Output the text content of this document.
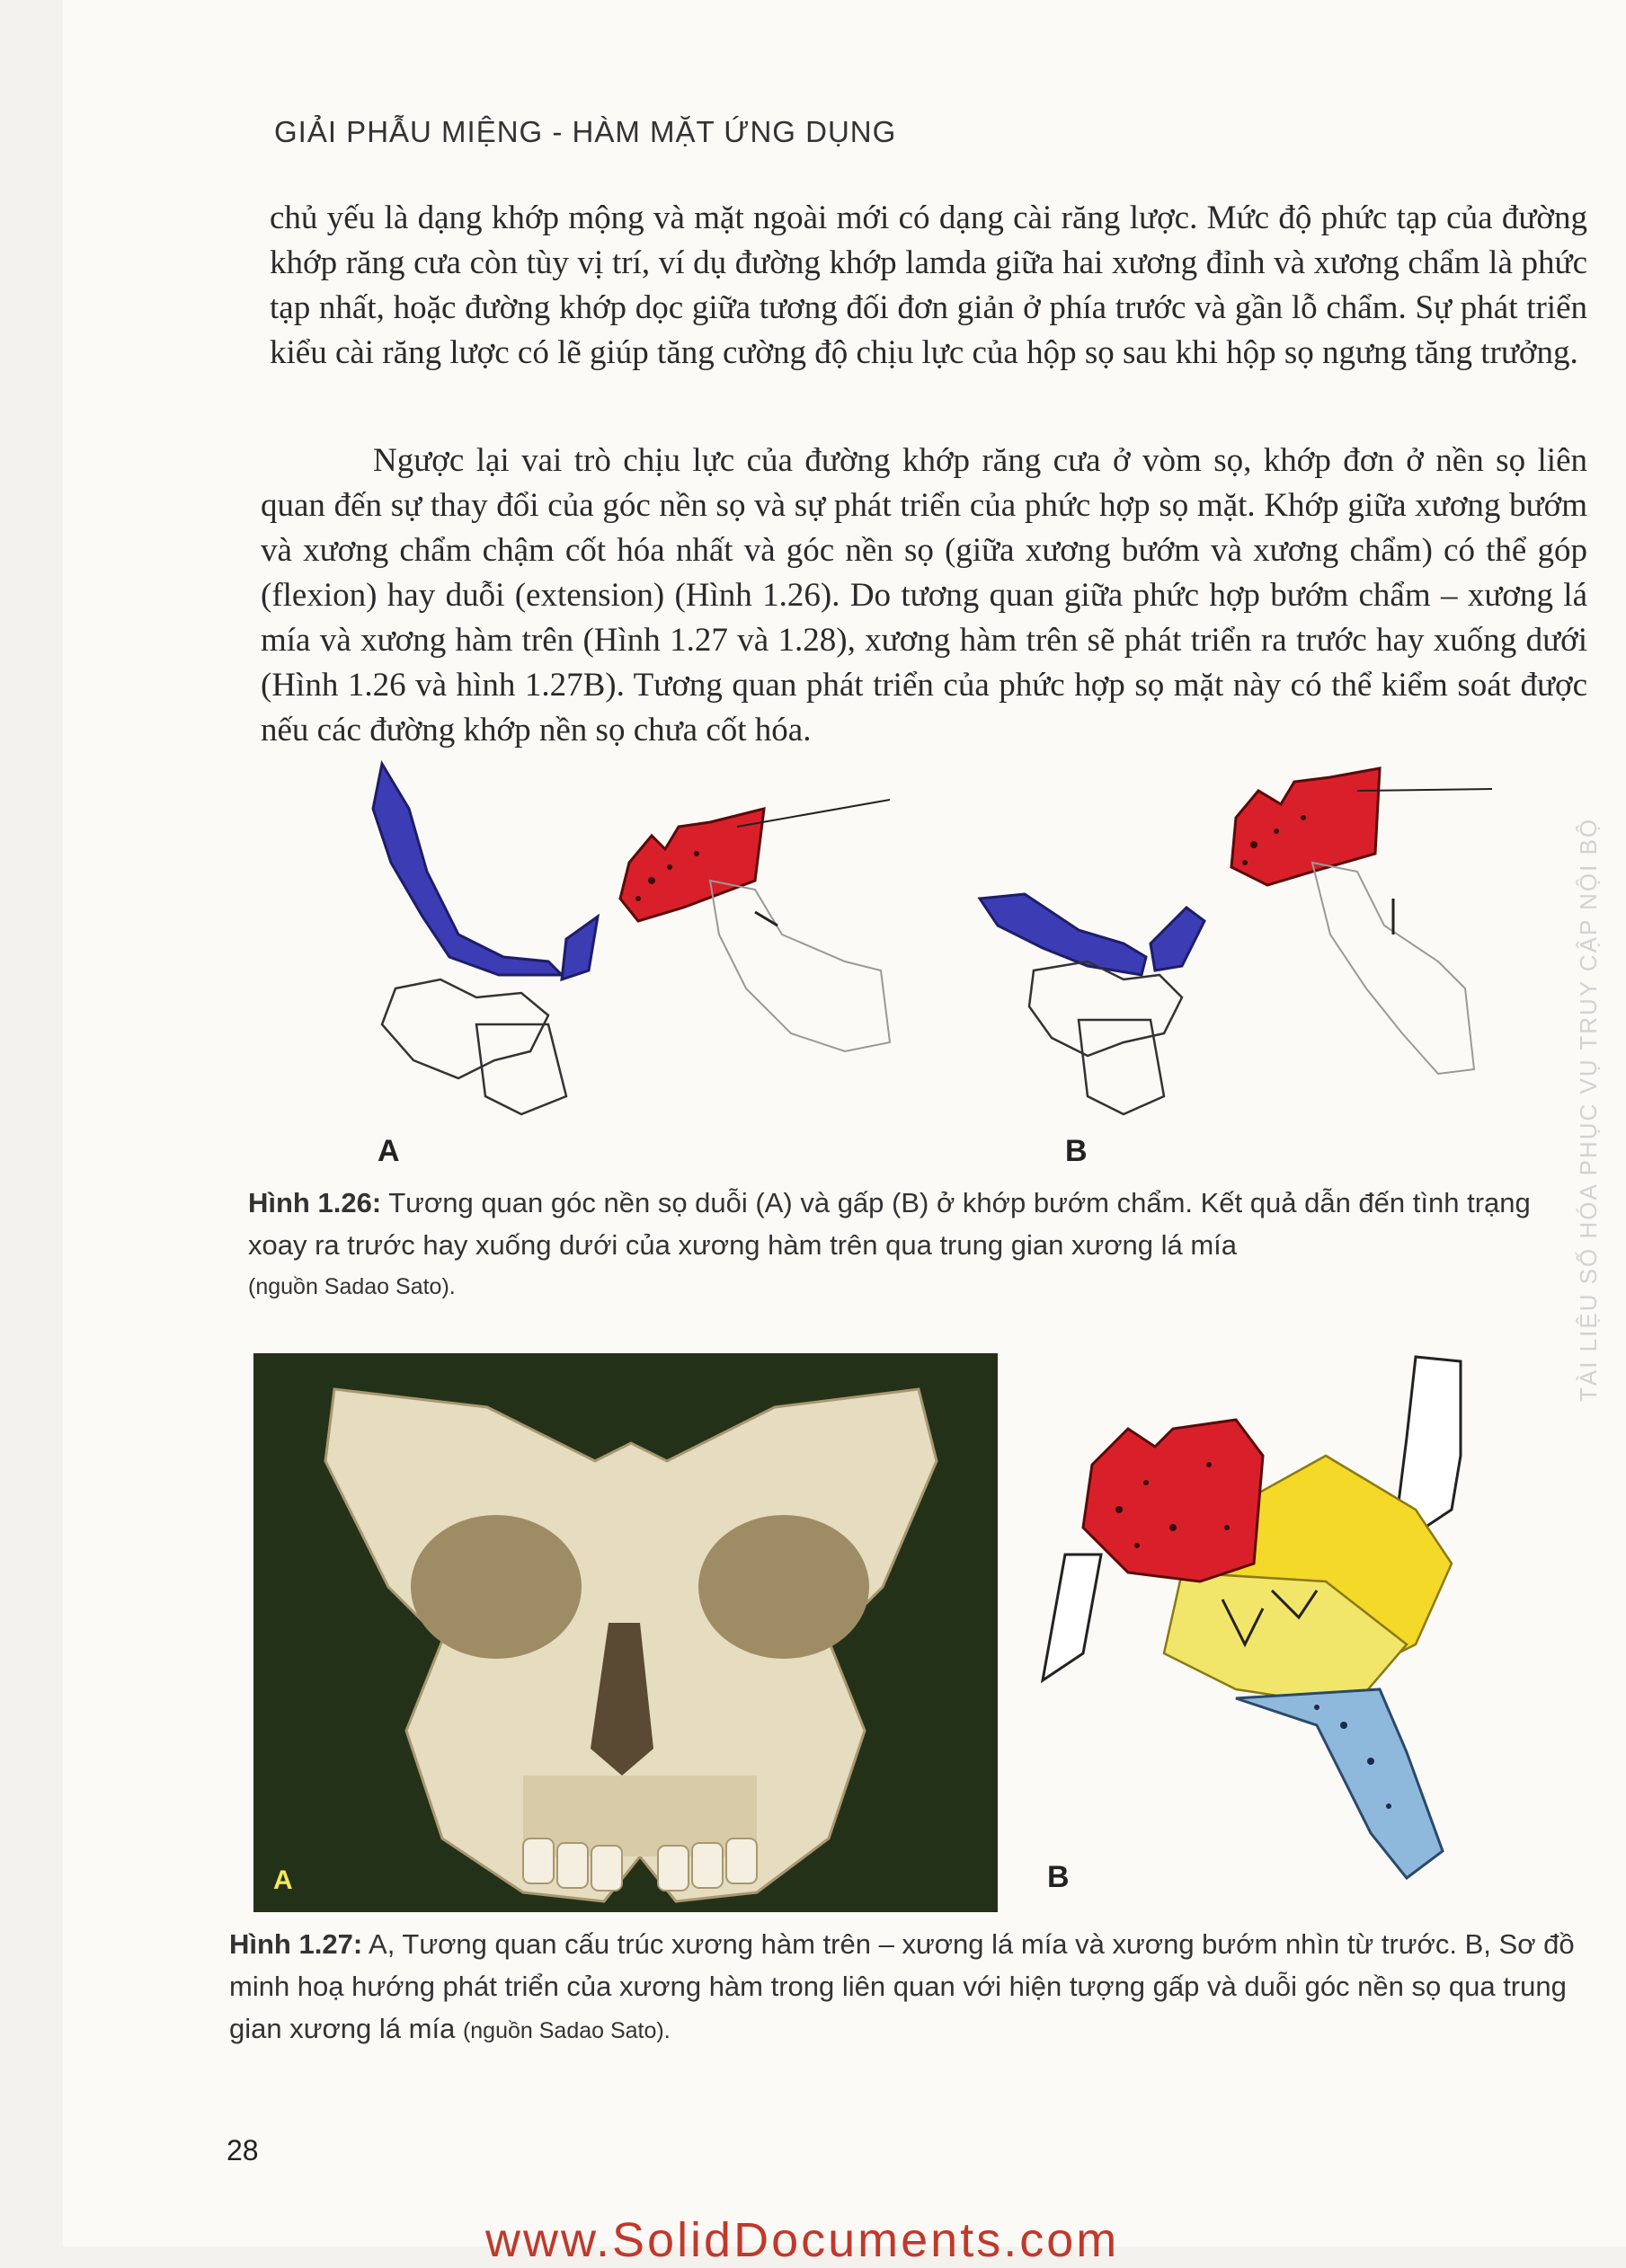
GIẢI PHẪU MIỆNG - HÀM MẶT ỨNG DỤNG

chủ yếu là dạng khớp mộng và mặt ngoài mới có dạng cài răng lược. Mức độ phức tạp của đường khớp răng cưa còn tùy vị trí, ví dụ đường khớp lamda giữa hai xương đỉnh và xương chẩm là phức tạp nhất, hoặc đường khớp dọc giữa tương đối đơn giản ở phía trước và gần lỗ chẩm. Sự phát triển kiểu cài răng lược có lẽ giúp tăng cường độ chịu lực của hộp sọ sau khi hộp sọ ngưng tăng trưởng.

Ngược lại vai trò chịu lực của đường khớp răng cưa ở vòm sọ, khớp đơn ở nền sọ liên quan đến sự thay đổi của góc nền sọ và sự phát triển của phức hợp sọ mặt. Khớp giữa xương bướm và xương chẩm chậm cốt hóa nhất và góc nền sọ (giữa xương bướm và xương chẩm) có thể góp (flexion) hay duỗi (extension) (Hình 1.26). Do tương quan giữa phức hợp bướm chẩm – xương lá mía và xương hàm trên (Hình 1.27 và 1.28), xương hàm trên sẽ phát triển ra trước hay xuống dưới (Hình 1.26 và hình 1.27B). Tương quan phát triển của phức hợp sọ mặt này có thể kiểm soát được nếu các đường khớp nền sọ chưa cốt hóa.

A	B
Hình 1.26: Tương quan góc nền sọ duỗi (A) và gấp (B) ở khớp bướm chẩm. Kết quả dẫn đến tình trạng xoay ra trước hay xuống dưới của xương hàm trên qua trung gian xương lá mía
(nguồn Sadao Sato).
A	B
Hình 1.27: A, Tương quan cấu trúc xương hàm trên – xương lá mía và xương bướm nhìn từ trước. B, Sơ đồ minh hoạ hướng phát triển của xương hàm trong liên quan với hiện tượng gấp và duỗi góc nền sọ qua trung gian xương lá mía (nguồn Sadao Sato).
TÀI LIỆU SỐ HÓA PHỤC VỤ TRUY CẬP NỘI BỘ
28
www.SolidDocuments.com
